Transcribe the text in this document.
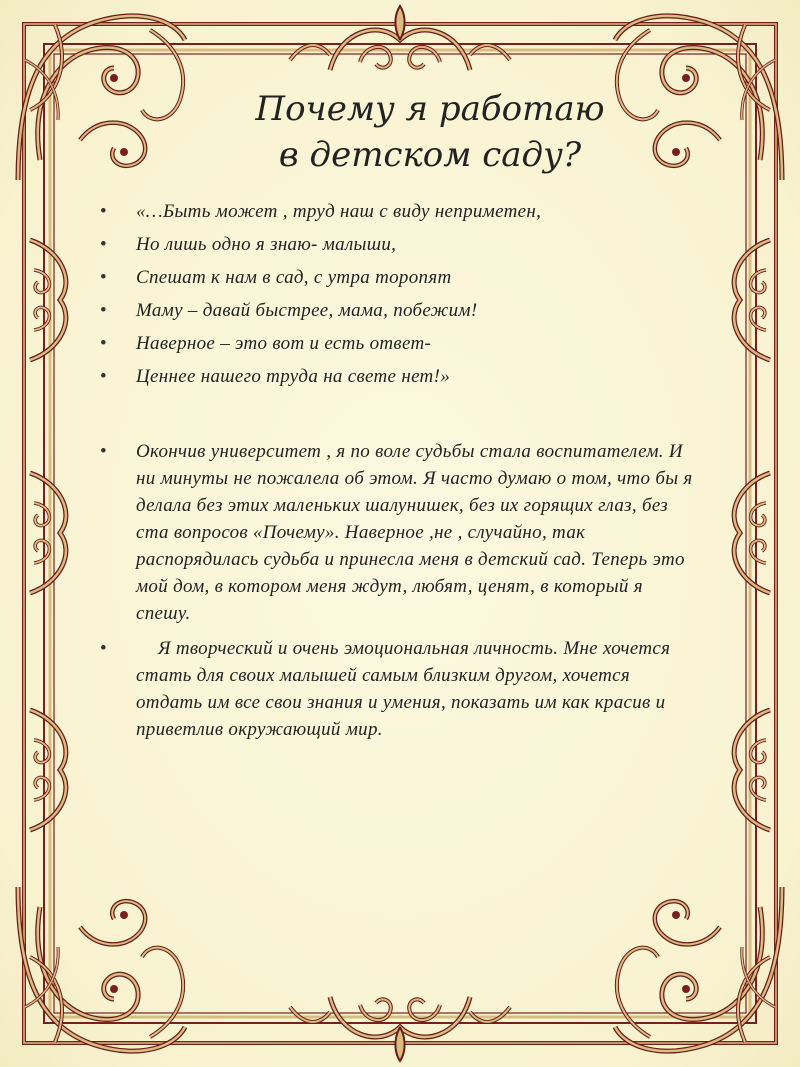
Почему я работаю
в детском саду?
• «…Быть может , труд наш с виду неприметен,
• Но лишь одно я знаю- малыши,
• Спешат к нам в сад, с утра торопят
• Маму – давай быстрее, мама, побежим!
• Наверное – это вот и есть ответ-
• Ценнее нашего труда на свете нет!»
• Окончив университет , я по воле судьбы стала воспитателем. И ни минуты не пожалела об этом. Я часто думаю о том, что бы я делала без этих маленьких шалунишек, без их горящих глаз, без ста вопросов «Почему». Наверное ,не , случайно, так распорядилась судьба и принесла меня в детский сад. Теперь это мой дом, в котором меня ждут, любят, ценят, в который я спешу.
• Я творческий и очень эмоциональная личность. Мне хочется стать для своих малышей самым близким другом, хочется отдать им все свои знания и умения, показать им как красив и приветлив окружающий мир.
